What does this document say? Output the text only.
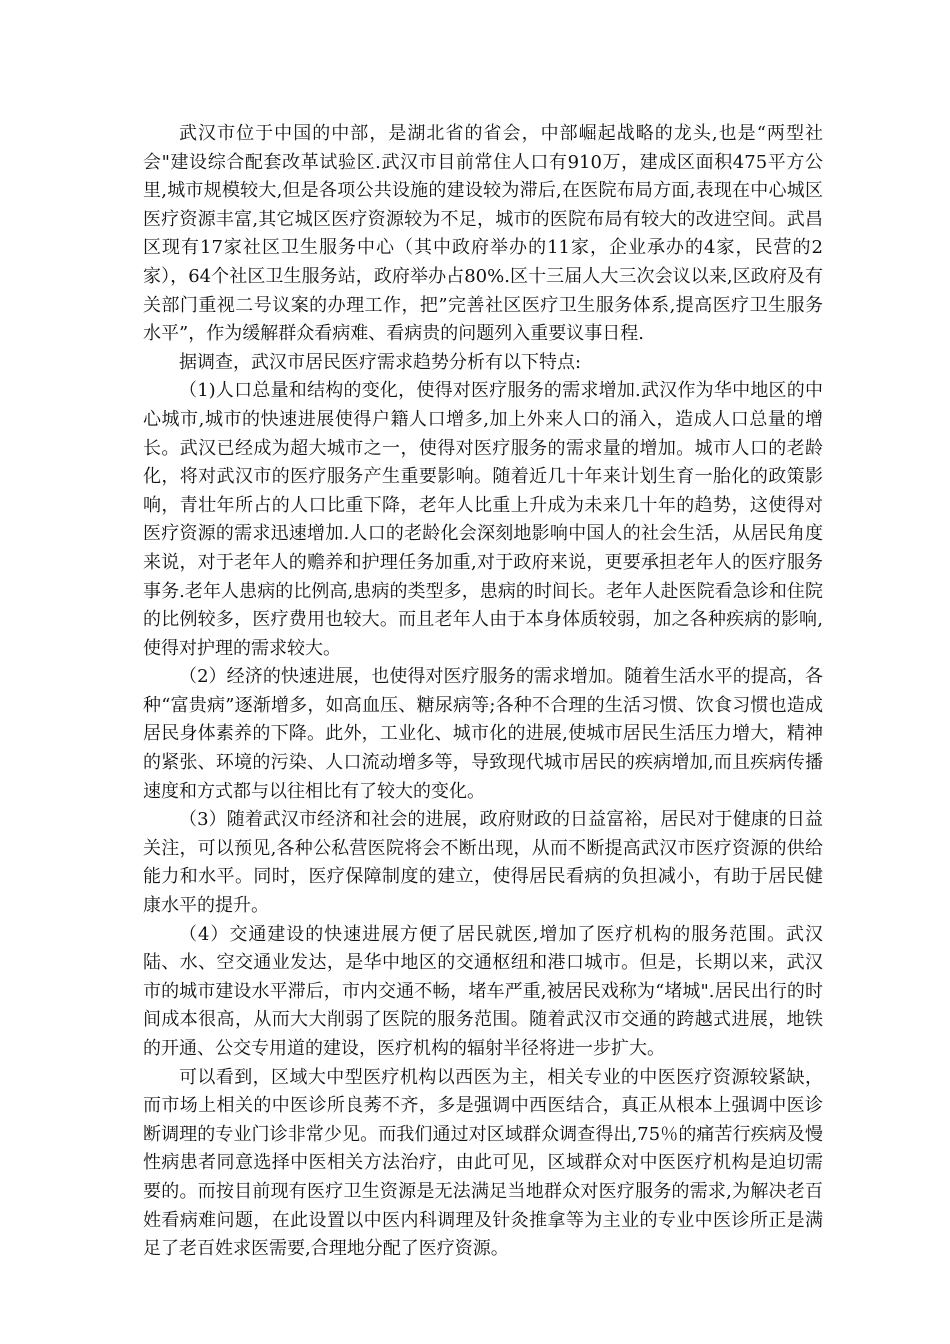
武汉市位于中国的中部，是湖北省的省会，中部崛起战略的龙头,也是“两型社会"建设综合配套改革试验区.武汉市目前常住人口有910万，建成区面积475平方公里,城市规模较大,但是各项公共设施的建设较为滞后,在医院布局方面,表现在中心城区医疗资源丰富,其它城区医疗资源较为不足，城市的医院布局有较大的改进空间。武昌区现有17家社区卫生服务中心（其中政府举办的11家，企业承办的4家，民营的2家），64个社区卫生服务站，政府举办占80%.区十三届人大三次会议以来,区政府及有关部门重视二号议案的办理工作，把”完善社区医疗卫生服务体系,提高医疗卫生服务水平”，作为缓解群众看病难、看病贵的问题列入重要议事日程.

据调查，武汉市居民医疗需求趋势分析有以下特点:

（1)人口总量和结构的变化，使得对医疗服务的需求增加.武汉作为华中地区的中心城市,城市的快速进展使得户籍人口增多,加上外来人口的涌入，造成人口总量的增长。武汉已经成为超大城市之一，使得对医疗服务的需求量的增加。城市人口的老龄化，将对武汉市的医疗服务产生重要影响。随着近几十年来计划生育一胎化的政策影响，青壮年所占的人口比重下降，老年人比重上升成为未来几十年的趋势，这使得对医疗资源的需求迅速增加.人口的老龄化会深刻地影响中国人的社会生活，从居民角度来说，对于老年人的赡养和护理任务加重,对于政府来说，更要承担老年人的医疗服务事务.老年人患病的比例高,患病的类型多，患病的时间长。老年人赴医院看急诊和住院的比例较多，医疗费用也较大。而且老年人由于本身体质较弱，加之各种疾病的影响,使得对护理的需求较大。

（2）经济的快速进展，也使得对医疗服务的需求增加。随着生活水平的提高，各种“富贵病”逐渐增多，如高血压、糖尿病等;各种不合理的生活习惯、饮食习惯也造成居民身体素养的下降。此外，工业化、城市化的进展,使城市居民生活压力增大，精神的紧张、环境的污染、人口流动增多等，导致现代城市居民的疾病增加,而且疾病传播速度和方式都与以往相比有了较大的变化。

（3）随着武汉市经济和社会的进展，政府财政的日益富裕，居民对于健康的日益关注，可以预见,各种公私营医院将会不断出现，从而不断提高武汉市医疗资源的供给能力和水平。同时，医疗保障制度的建立，使得居民看病的负担减小，有助于居民健康水平的提升。

（4）交通建设的快速进展方便了居民就医,增加了医疗机构的服务范围。武汉陆、水、空交通业发达，是华中地区的交通枢纽和港口城市。但是，长期以来，武汉市的城市建设水平滞后，市内交通不畅，堵车严重,被居民戏称为“堵城".居民出行的时间成本很高，从而大大削弱了医院的服务范围。随着武汉市交通的跨越式进展，地铁的开通、公交专用道的建设，医疗机构的辐射半径将进一步扩大。

可以看到，区域大中型医疗机构以西医为主，相关专业的中医医疗资源较紧缺，而市场上相关的中医诊所良莠不齐，多是强调中西医结合，真正从根本上强调中医诊断调理的专业门诊非常少见。而我们通过对区域群众调查得出,75％的痛苦行疾病及慢性病患者同意选择中医相关方法治疗，由此可见，区域群众对中医医疗机构是迫切需要的。而按目前现有医疗卫生资源是无法满足当地群众对医疗服务的需求,为解决老百姓看病难问题，在此设置以中医内科调理及针灸推拿等为主业的专业中医诊所正是满足了老百姓求医需要,合理地分配了医疗资源。
